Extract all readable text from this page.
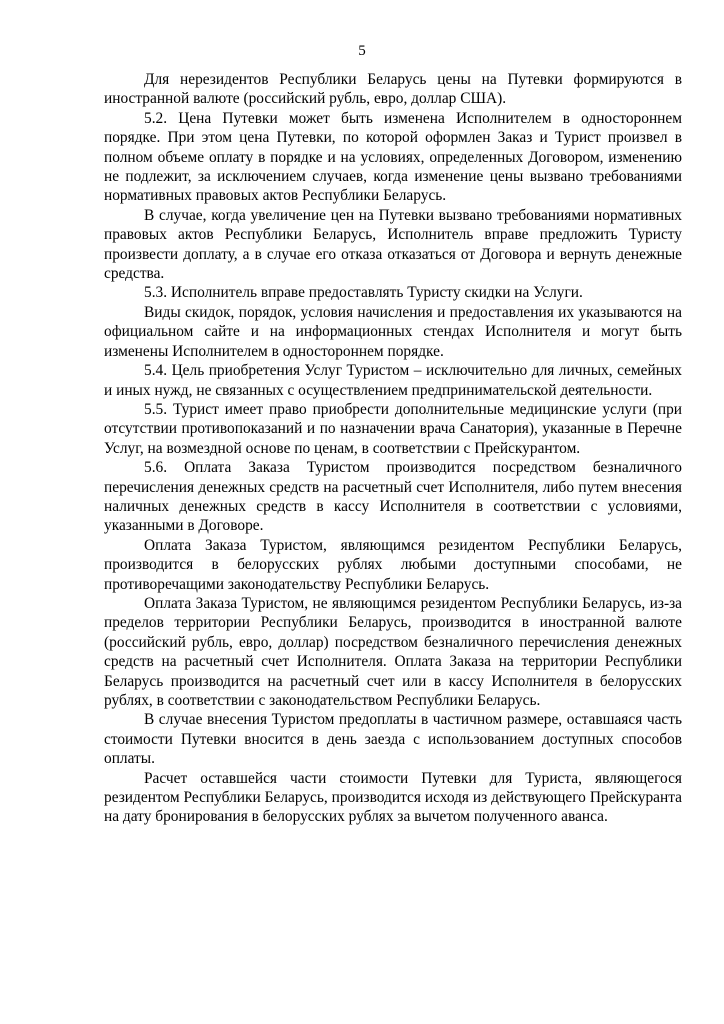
5

Для нерезидентов Республики Беларусь цены на Путевки формируются в иностранной валюте (российский рубль, евро, доллар США).

5.2. Цена Путевки может быть изменена Исполнителем в одностороннем порядке. При этом цена Путевки, по которой оформлен Заказ и Турист произвел в полном объеме оплату в порядке и на условиях, определенных Договором, изменению не подлежит, за исключением случаев, когда изменение цены вызвано требованиями нормативных правовых актов Республики Беларусь.

В случае, когда увеличение цен на Путевки вызвано требованиями нормативных правовых актов Республики Беларусь, Исполнитель вправе предложить Туристу произвести доплату, а в случае его отказа отказаться от Договора и вернуть денежные средства.

5.3. Исполнитель вправе предоставлять Туристу скидки на Услуги.

Виды скидок, порядок, условия начисления и предоставления их указываются на официальном сайте и на информационных стендах Исполнителя и могут быть изменены Исполнителем в одностороннем порядке.

5.4. Цель приобретения Услуг Туристом – исключительно для личных, семейных и иных нужд, не связанных с осуществлением предпринимательской деятельности.

5.5. Турист имеет право приобрести дополнительные медицинские услуги (при отсутствии противопоказаний и по назначении врача Санатория), указанные в Перечне Услуг, на возмездной основе по ценам, в соответствии с Прейскурантом.

5.6. Оплата Заказа Туристом производится посредством безналичного перечисления денежных средств на расчетный счет Исполнителя, либо путем внесения наличных денежных средств в кассу Исполнителя в соответствии с условиями, указанными в Договоре.

Оплата Заказа Туристом, являющимся резидентом Республики Беларусь, производится в белорусских рублях любыми доступными способами, не противоречащими законодательству Республики Беларусь.

Оплата Заказа Туристом, не являющимся резидентом Республики Беларусь, из-за пределов территории Республики Беларусь, производится в иностранной валюте (российский рубль, евро, доллар) посредством безналичного перечисления денежных средств на расчетный счет Исполнителя. Оплата Заказа на территории Республики Беларусь производится на расчетный счет или в кассу Исполнителя в белорусских рублях, в соответствии с законодательством Республики Беларусь.

В случае внесения Туристом предоплаты в частичном размере, оставшаяся часть стоимости Путевки вносится в день заезда с использованием доступных способов оплаты.

Расчет оставшейся части стоимости Путевки для Туриста, являющегося резидентом Республики Беларусь, производится исходя из действующего Прейскуранта на дату бронирования в белорусских рублях за вычетом полученного аванса.
